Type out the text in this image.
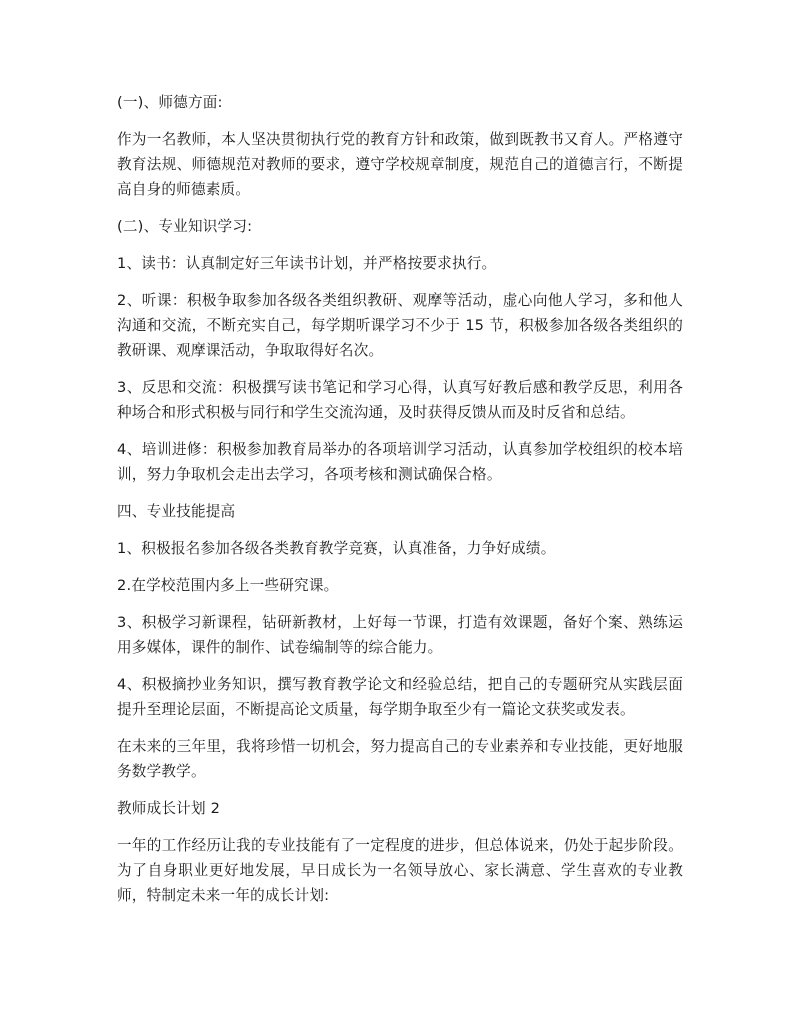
(一)、师德方面:

作为一名教师，本人坚决贯彻执行党的教育方针和政策，做到既教书又育人。严格遵守教育法规、师德规范对教师的要求，遵守学校规章制度，规范自己的道德言行，不断提高自身的师德素质。

(二)、专业知识学习:

1、读书：认真制定好三年读书计划，并严格按要求执行。

2、听课：积极争取参加各级各类组织教研、观摩等活动，虚心向他人学习，多和他人沟通和交流，不断充实自己，每学期听课学习不少于 15 节，积极参加各级各类组织的教研课、观摩课活动，争取取得好名次。

3、反思和交流：积极撰写读书笔记和学习心得，认真写好教后感和教学反思，利用各种场合和形式积极与同行和学生交流沟通，及时获得反馈从而及时反省和总结。

4、培训进修：积极参加教育局举办的各项培训学习活动，认真参加学校组织的校本培训，努力争取机会走出去学习，各项考核和测试确保合格。

四、专业技能提高

1、积极报名参加各级各类教育教学竞赛，认真准备，力争好成绩。

2.在学校范围内多上一些研究课。

3、积极学习新课程，钻研新教材，上好每一节课，打造有效课题，备好个案、熟练运用多媒体，课件的制作、试卷编制等的综合能力。

4、积极摘抄业务知识，撰写教育教学论文和经验总结，把自己的专题研究从实践层面提升至理论层面，不断提高论文质量，每学期争取至少有一篇论文获奖或发表。

在未来的三年里，我将珍惜一切机会，努力提高自己的专业素养和专业技能，更好地服务数学教学。

教师成长计划 2

一年的工作经历让我的专业技能有了一定程度的进步，但总体说来，仍处于起步阶段。为了自身职业更好地发展，早日成长为一名领导放心、家长满意、学生喜欢的专业教师，特制定未来一年的成长计划:
